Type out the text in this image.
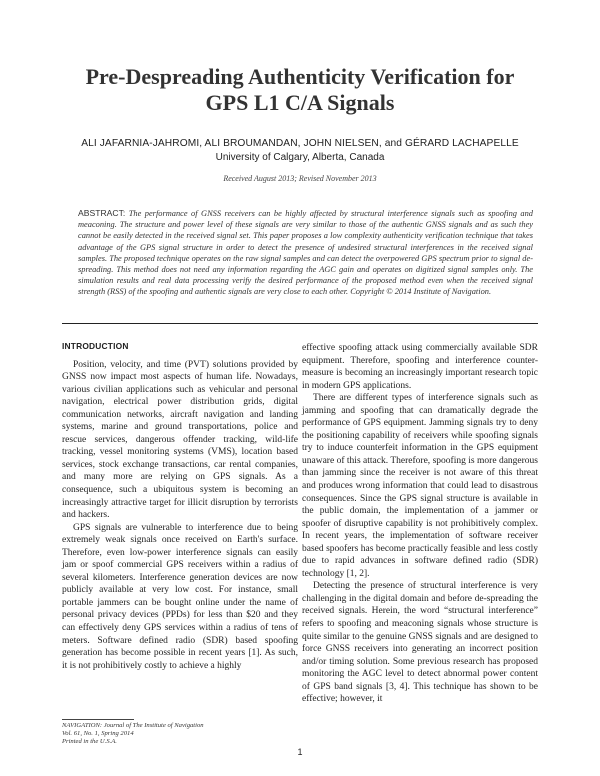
Pre-Despreading Authenticity Verification for
GPS L1 C/A Signals
ALI JAFARNIA-JAHROMI, ALI BROUMANDAN, JOHN NIELSEN, and GÉRARD LACHAPELLE
University of Calgary, Alberta, Canada
Received August 2013; Revised November 2013
ABSTRACT: The performance of GNSS receivers can be highly affected by structural interference signals such as spoofing and meaconing. The structure and power level of these signals are very similar to those of the authentic GNSS signals and as such they cannot be easily detected in the received signal set. This paper proposes a low complexity authenticity verification technique that takes advantage of the GPS signal structure in order to detect the presence of undesired structural interferences in the received signal samples. The proposed technique operates on the raw signal samples and can detect the overpowered GPS spectrum prior to signal de-spreading. This method does not need any information regarding the AGC gain and operates on digitized signal samples only. The simulation results and real data processing verify the desired performance of the proposed method even when the received signal strength (RSS) of the spoofing and authentic signals are very close to each other. Copyright © 2014 Institute of Navigation.
INTRODUCTION

Position, velocity, and time (PVT) solutions provided by GNSS now impact most aspects of human life. Nowadays, various civilian applications such as vehicular and personal navigation, electrical power distribution grids, digital communication networks, aircraft navigation and landing systems, marine and ground transportations, police and rescue services, dangerous offender tracking, wild-life tracking, vessel monitoring systems (VMS), location based services, stock exchange transactions, car rental companies, and many more are relying on GPS signals. As a consequence, such a ubiquitous system is becoming an increasingly attractive target for illicit disruption by terrorists and hackers.

GPS signals are vulnerable to interference due to being extremely weak signals once received on Earth's surface. Therefore, even low-power interference signals can easily jam or spoof commercial GPS receivers within a radius of several kilometers. Interference generation devices are now publicly available at very low cost. For instance, small portable jammers can be bought online under the name of personal privacy devices (PPDs) for less than $20 and they can effectively deny GPS services within a radius of tens of meters. Software defined radio (SDR) based spoofing generation has become possible in recent years [1]. As such, it is not prohibitively costly to achieve a highly

effective spoofing attack using commercially available SDR equipment. Therefore, spoofing and interference counter-measure is becoming an increasingly important research topic in modern GPS applications.

There are different types of interference signals such as jamming and spoofing that can dramatically degrade the performance of GPS equipment. Jamming signals try to deny the positioning capability of receivers while spoofing signals try to induce counterfeit information in the GPS equipment unaware of this attack. Therefore, spoofing is more dangerous than jamming since the receiver is not aware of this threat and produces wrong information that could lead to disastrous consequences. Since the GPS signal structure is available in the public domain, the implementation of a jammer or spoofer of disruptive capability is not prohibitively complex. In recent years, the implementation of software receiver based spoofers has become practically feasible and less costly due to rapid advances in software defined radio (SDR) technology [1, 2].

Detecting the presence of structural interference is very challenging in the digital domain and before de-spreading the received signals. Herein, the word “structural interference” refers to spoofing and meaconing signals whose structure is quite similar to the genuine GNSS signals and are designed to force GNSS receivers into generating an incorrect position and/or timing solution. Some previous research has proposed monitoring the AGC level to detect abnormal power content of GPS band signals [3, 4]. This technique has shown to be effective; however, it

NAVIGATION: Journal of The Institute of Navigation
Vol. 61, No. 1, Spring 2014
Printed in the U.S.A.
1
